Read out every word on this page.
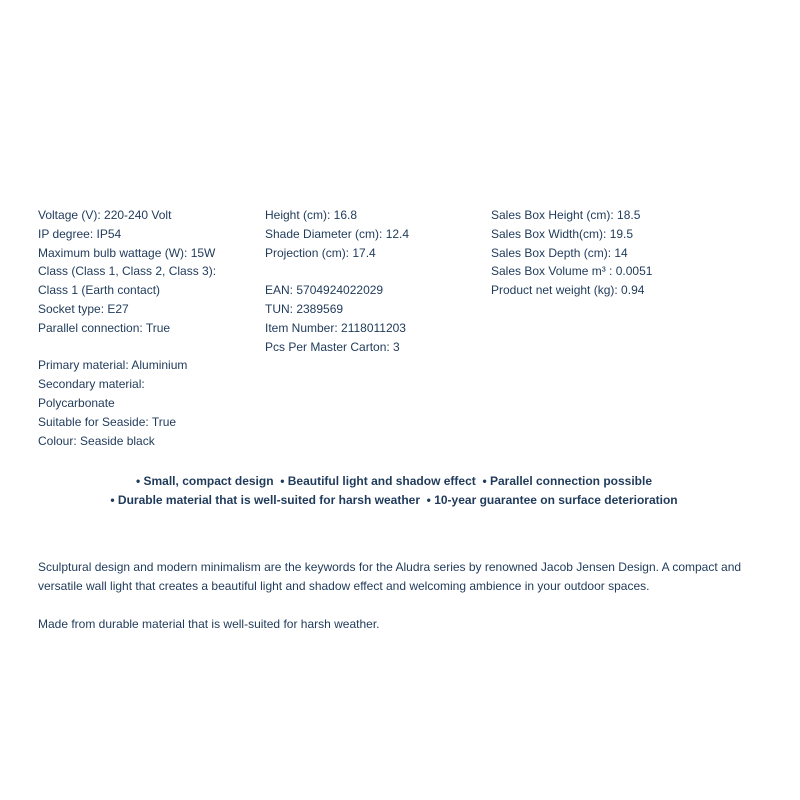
Voltage (V): 220-240 Volt
IP degree: IP54
Maximum bulb wattage (W): 15W
Class (Class 1, Class 2, Class 3):
Class 1 (Earth contact)
Socket type: E27
Parallel connection: True
Primary material: Aluminium
Secondary material:
Polycarbonate
Suitable for Seaside: True
Colour: Seaside black
Height (cm): 16.8
Shade Diameter (cm): 12.4
Projection (cm): 17.4
EAN: 5704924022029
TUN: 2389569
Item Number: 2118011203
Pcs Per Master Carton: 3
Sales Box Height (cm): 18.5
Sales Box Width(cm): 19.5
Sales Box Depth (cm): 14
Sales Box Volume m³ : 0.0051
Product net weight (kg): 0.94
• Small, compact design • Beautiful light and shadow effect • Parallel connection possible
• Durable material that is well-suited for harsh weather • 10-year guarantee on surface deterioration

Sculptural design and modern minimalism are the keywords for the Aludra series by renowned Jacob Jensen Design. A compact and versatile wall light that creates a beautiful light and shadow effect and welcoming ambience in your outdoor spaces.

Made from durable material that is well-suited for harsh weather.
